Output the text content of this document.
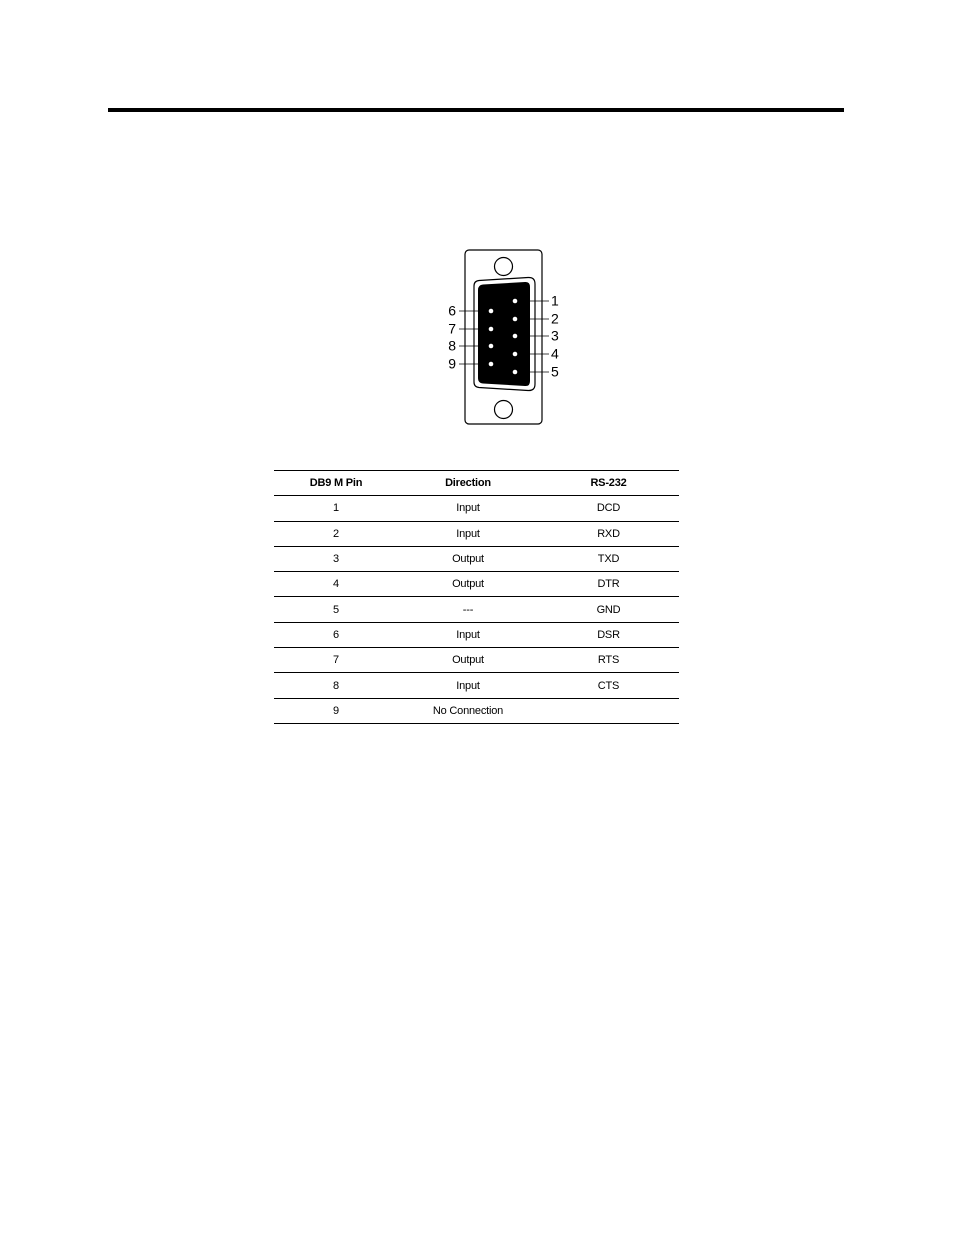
1
2
3
4
5
6
7
8
9
DB9 M Pin	Direction	RS-232
1	Input	DCD
2	Input	RXD
3	Output	TXD
4	Output	DTR
5	---	GND
6	Input	DSR
7	Output	RTS
8	Input	CTS
9	No Connection	
